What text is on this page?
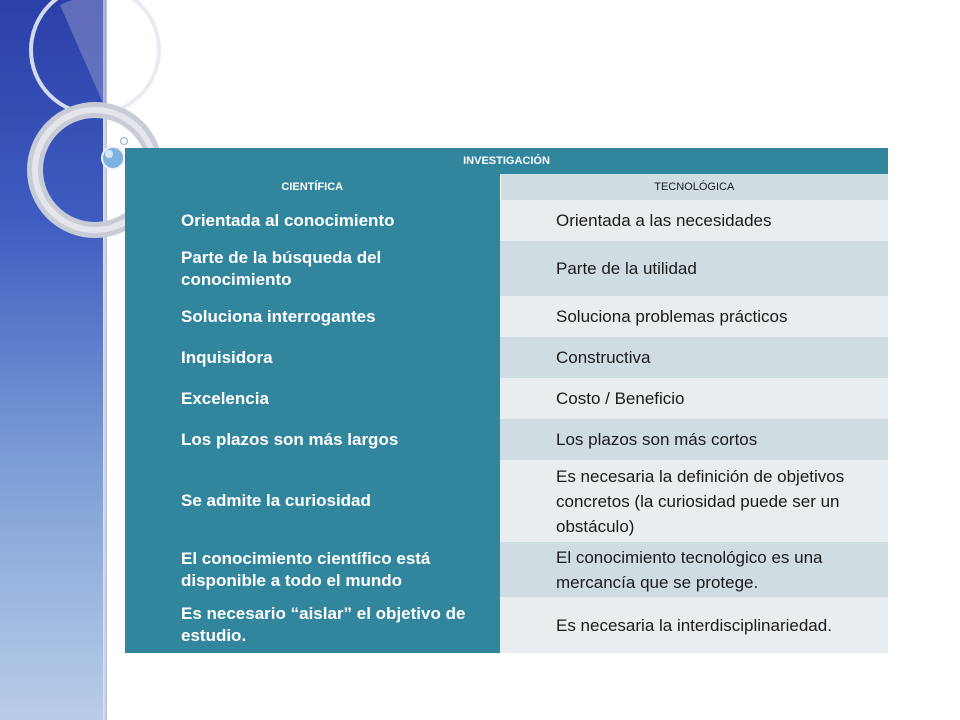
INVESTIGACIÓN	
CIENTÍFICA	TECNOLÓGICA
Orientada al conocimiento	Orientada a las necesidades
Parte de la búsqueda del conocimiento	Parte de la utilidad
Soluciona interrogantes	Soluciona problemas prácticos
Inquisidora	Constructiva
Excelencia	Costo / Beneficio
Los plazos son más largos	Los plazos son más cortos
Se admite la curiosidad	Es necesaria la definición de objetivos concretos (la curiosidad puede ser un obstáculo)
El conocimiento científico está disponible a todo el mundo	El conocimiento tecnológico es una mercancía que se protege.
Es necesario “aislar” el objetivo de estudio.	Es necesaria la interdisciplinariedad.
